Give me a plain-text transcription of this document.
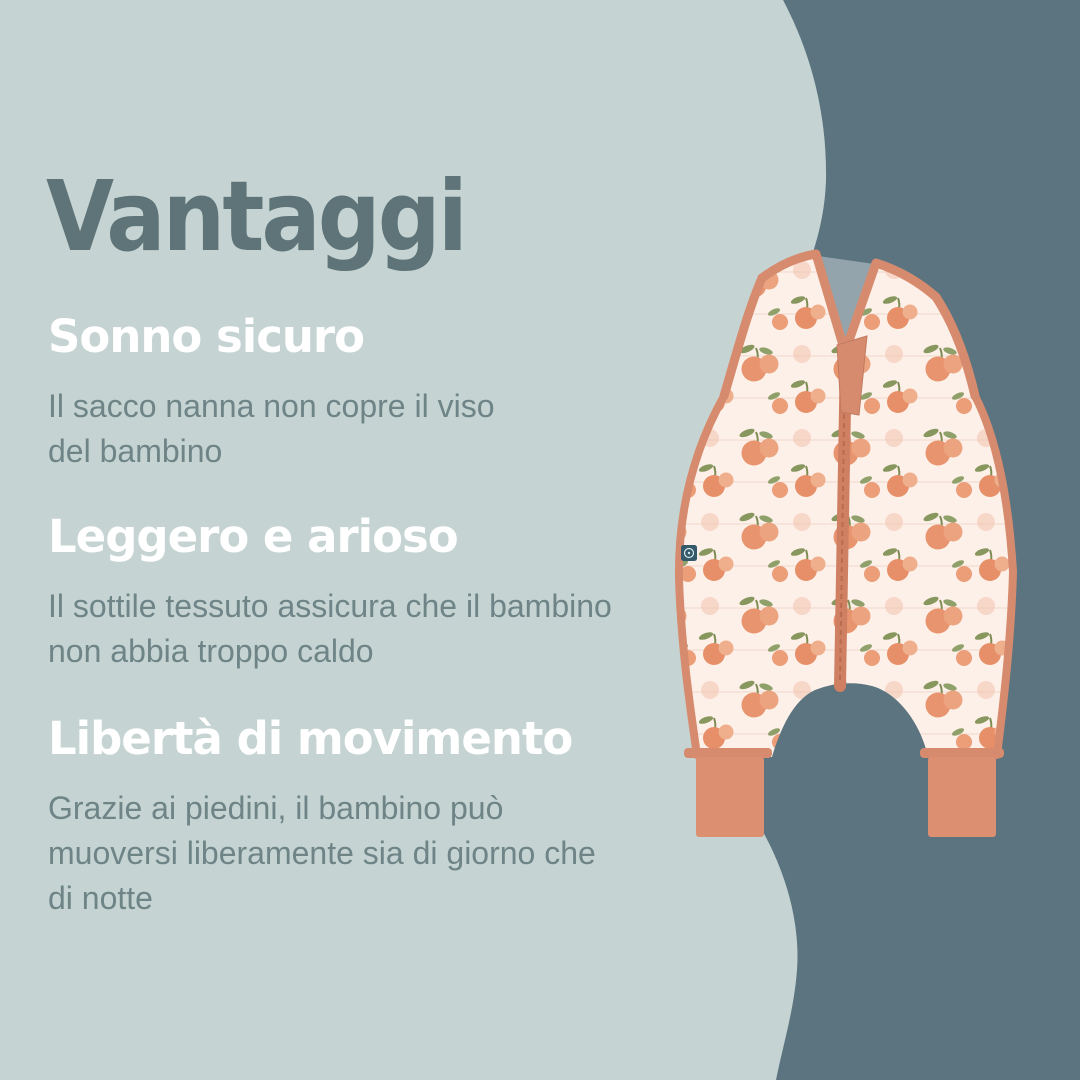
Vantaggi
Sonno sicuro
Il sacco nanna non copre il viso
del bambino
Leggero e arioso
Il sottile tessuto assicura che il bambino
non abbia troppo caldo
Libertà di movimento
Grazie ai piedini, il bambino può
muoversi liberamente sia di giorno che
di notte
